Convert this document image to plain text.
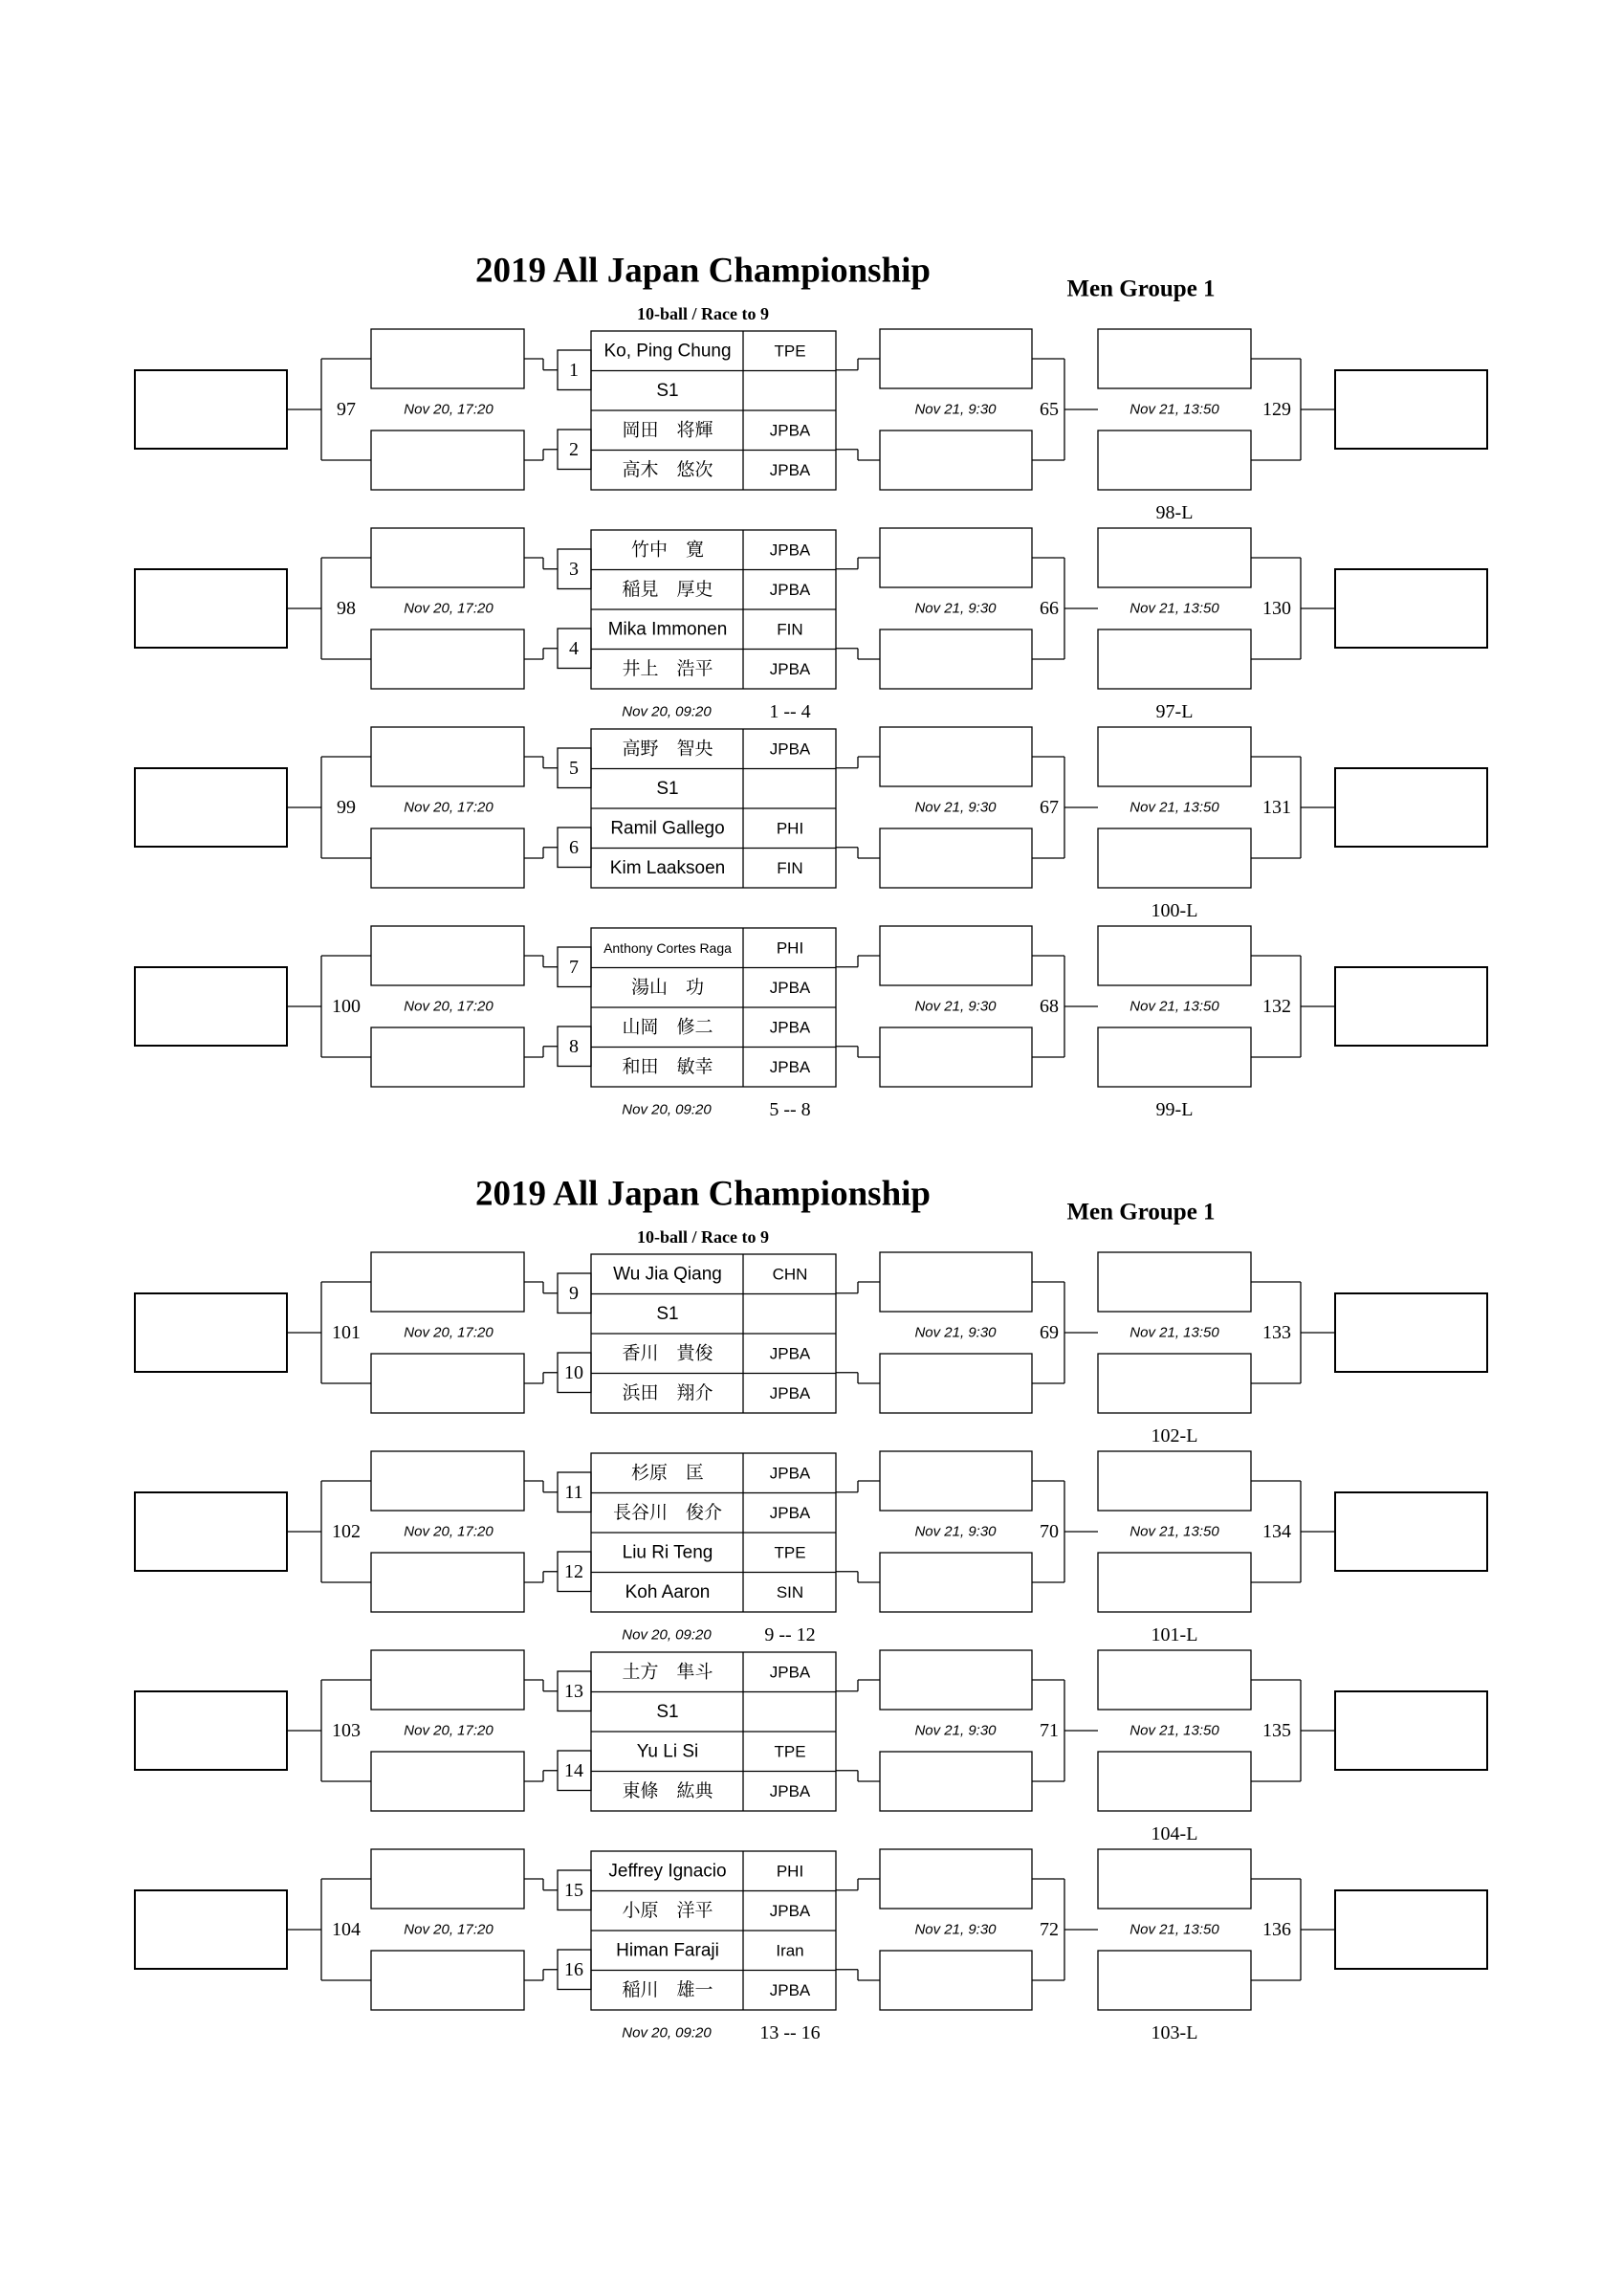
2019 All Japan Championship	Men Groupe 1
10-ball / Race to 9
Ko, Ping Chung	TPE
S1
岡田　将輝	JPBA
高木　悠次	JPBA
1
2
97	Nov 20, 17:20	65
Nov 21, 9:30	129
Nov 21, 13:50
98-L
竹中　寛	JPBA
稲見　厚史	JPBA
Mika Immonen	FIN
井上　浩平	JPBA
3
4
98	Nov 20, 17:20	66
Nov 21, 9:30	130
Nov 21, 13:50
Nov 20, 09:20	1 -- 4	97-L
高野　智央	JPBA
S1
Ramil Gallego	PHI
Kim Laaksoen	FIN
5
6
99	Nov 20, 17:20	67
Nov 21, 9:30	131
Nov 21, 13:50
100-L
Anthony Cortes Raga	PHI
湯山　功	JPBA
山岡　修二	JPBA
和田　敏幸	JPBA
7
8
100	Nov 20, 17:20	68
Nov 21, 9:30	132
Nov 21, 13:50
Nov 20, 09:20	5 -- 8	99-L
2019 All Japan Championship	Men Groupe 1
10-ball / Race to 9
Wu Jia Qiang	CHN
S1
香川　貴俊	JPBA
浜田　翔介	JPBA
9
10
101	Nov 20, 17:20	69
Nov 21, 9:30	133
Nov 21, 13:50
102-L
杉原　匡	JPBA
長谷川　俊介	JPBA
Liu Ri Teng	TPE
Koh Aaron	SIN
11
12
102	Nov 20, 17:20	70
Nov 21, 9:30	134
Nov 21, 13:50
Nov 20, 09:20	9 -- 12	101-L
土方　隼斗	JPBA
S1
Yu Li Si	TPE
東條　紘典	JPBA
13
14
103	Nov 20, 17:20	71
Nov 21, 9:30	135
Nov 21, 13:50
104-L
Jeffrey Ignacio	PHI
小原　洋平	JPBA
Himan Faraji	Iran
稲川　雄一	JPBA
15
16
104	Nov 20, 17:20	72
Nov 21, 9:30	136
Nov 21, 13:50
Nov 20, 09:20	13 -- 16	103-L
